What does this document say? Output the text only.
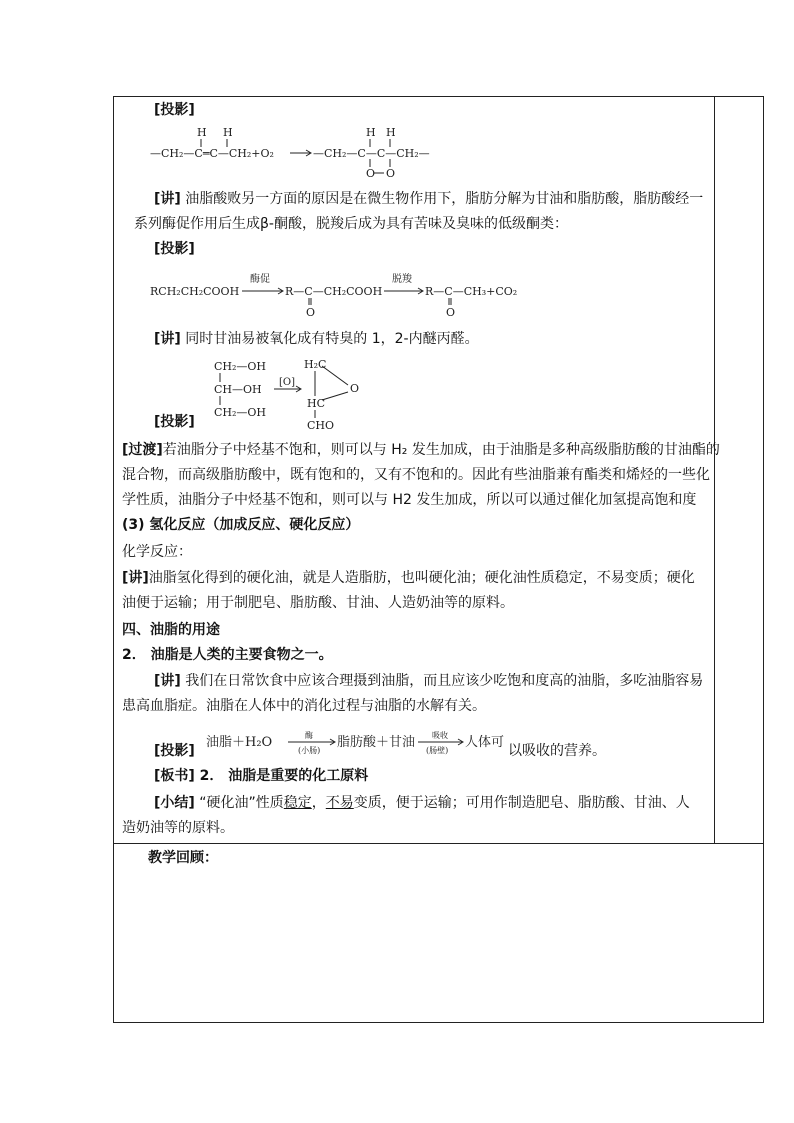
[投影]
H H
—CH₂—C═C—CH₂+O₂
H H
—CH₂—C—C—CH₂—
O O
[讲] 油脂酸败另一方面的原因是在微生物作用下，脂肪分解为甘油和脂肪酸，脂肪酸经一
系列酶促作用后生成β-酮酸，脱羧后成为具有苦味及臭味的低级酮类：
[投影]
RCH₂CH₂COOH
酶促
R—C—CH₂COOH
O
脱羧
R—C—CH₃+CO₂
O
[讲] 同时甘油易被氧化成有特臭的 1，2-内醚丙醛。
CH₂—OH
CH—OH
CH₂—OH
[O]
H₂C
O
HC
CHO
[投影]
[过渡]若油脂分子中烃基不饱和，则可以与 H₂ 发生加成，由于油脂是多种高级脂肪酸的甘油酯的
混合物，而高级脂肪酸中，既有饱和的，又有不饱和的。因此有些油脂兼有酯类和烯烃的一些化
学性质，油脂分子中烃基不饱和，则可以与 H2 发生加成，所以可以通过催化加氢提高饱和度
(3) 氢化反应（加成反应、硬化反应）
化学反应：
[讲]油脂氢化得到的硬化油，就是人造脂肪，也叫硬化油；硬化油性质稳定，不易变质；硬化
油便于运输；用于制肥皂、脂肪酸、甘油、人造奶油等的原料。
四、油脂的用途
2． 油脂是人类的主要食物之一。
[讲] 我们在日常饮食中应该合理摄到油脂，而且应该少吃饱和度高的油脂，多吃油脂容易
患高血脂症。油脂在人体中的消化过程与油脂的水解有关。
[投影]
油脂＋H₂O	酶
(小肠)
脂肪酸＋甘油 吸收
(肠壁)
人体可
以吸收的营养。
[板书] 2． 油脂是重要的化工原料
[小结] “硬化油”性质稳定，不易变质，便于运输；可用作制造肥皂、脂肪酸、甘油、人
造奶油等的原料。
教学回顾：
